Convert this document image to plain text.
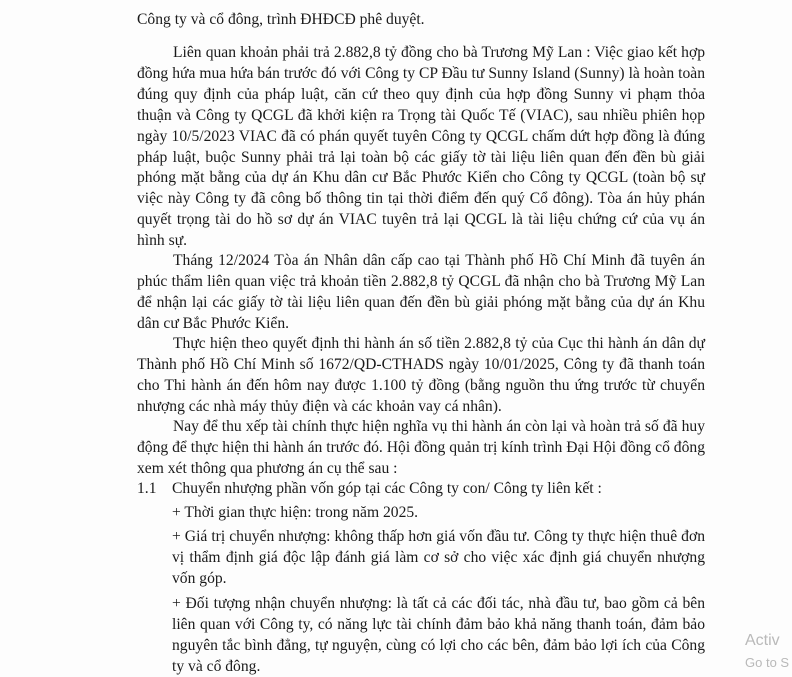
Công ty và cổ đông, trình ĐHĐCĐ phê duyệt.

Liên quan khoản phải trả 2.882,8 tỷ đồng cho bà Trương Mỹ Lan : Việc giao kết hợp đồng hứa mua hứa bán trước đó với Công ty CP Đầu tư Sunny Island (Sunny) là hoàn toàn đúng quy định của pháp luật, căn cứ theo quy định của hợp đồng Sunny vi phạm thỏa thuận và Công ty QCGL đã khởi kiện ra Trọng tài Quốc Tế (VIAC), sau nhiều phiên họp ngày 10/5/2023 VIAC đã có phán quyết tuyên Công ty QCGL chấm dứt hợp đồng là đúng pháp luật, buộc Sunny phải trả lại toàn bộ các giấy tờ tài liệu liên quan đến đền bù giải phóng mặt bằng của dự án Khu dân cư Bắc Phước Kiển cho Công ty QCGL (toàn bộ sự việc này Công ty đã công bố thông tin tại thời điểm đến quý Cổ đông). Tòa án hủy phán quyết trọng tài do hồ sơ dự án VIAC tuyên trả lại QCGL là tài liệu chứng cứ của vụ án hình sự.

Tháng 12/2024 Tòa án Nhân dân cấp cao tại Thành phố Hồ Chí Minh đã tuyên án phúc thẩm liên quan việc trả khoản tiền 2.882,8 tỷ QCGL đã nhận cho bà Trương Mỹ Lan để nhận lại các giấy tờ tài liệu liên quan đến đền bù giải phóng mặt bằng của dự án Khu dân cư Bắc Phước Kiển.

Thực hiện theo quyết định thi hành án số tiền 2.882,8 tỷ của Cục thi hành án dân dự Thành phố Hồ Chí Minh số 1672/QD-CTHADS ngày 10/01/2025, Công ty đã thanh toán cho Thi hành án đến hôm nay được 1.100 tỷ đồng (bằng nguồn thu ứng trước từ chuyển nhượng các nhà máy thủy điện và các khoản vay cá nhân).

Nay để thu xếp tài chính thực hiện nghĩa vụ thi hành án còn lại và hoàn trả số đã huy động để thực hiện thi hành án trước đó. Hội đồng quản trị kính trình Đại Hội đồng cổ đông xem xét thông qua phương án cụ thể sau :

1.1 Chuyển nhượng phần vốn góp tại các Công ty con/ Công ty liên kết :

+ Thời gian thực hiện: trong năm 2025.

+ Giá trị chuyển nhượng: không thấp hơn giá vốn đầu tư. Công ty thực hiện thuê đơn vị thẩm định giá độc lập đánh giá làm cơ sở cho việc xác định giá chuyển nhượng vốn góp.

+ Đối tượng nhận chuyển nhượng: là tất cả các đối tác, nhà đầu tư, bao gồm cả bên liên quan với Công ty, có năng lực tài chính đảm bảo khả năng thanh toán, đảm bảo nguyên tắc bình đẳng, tự nguyện, cùng có lợi cho các bên, đảm bảo lợi ích của Công ty và cổ đông.

Activ
Go to S
